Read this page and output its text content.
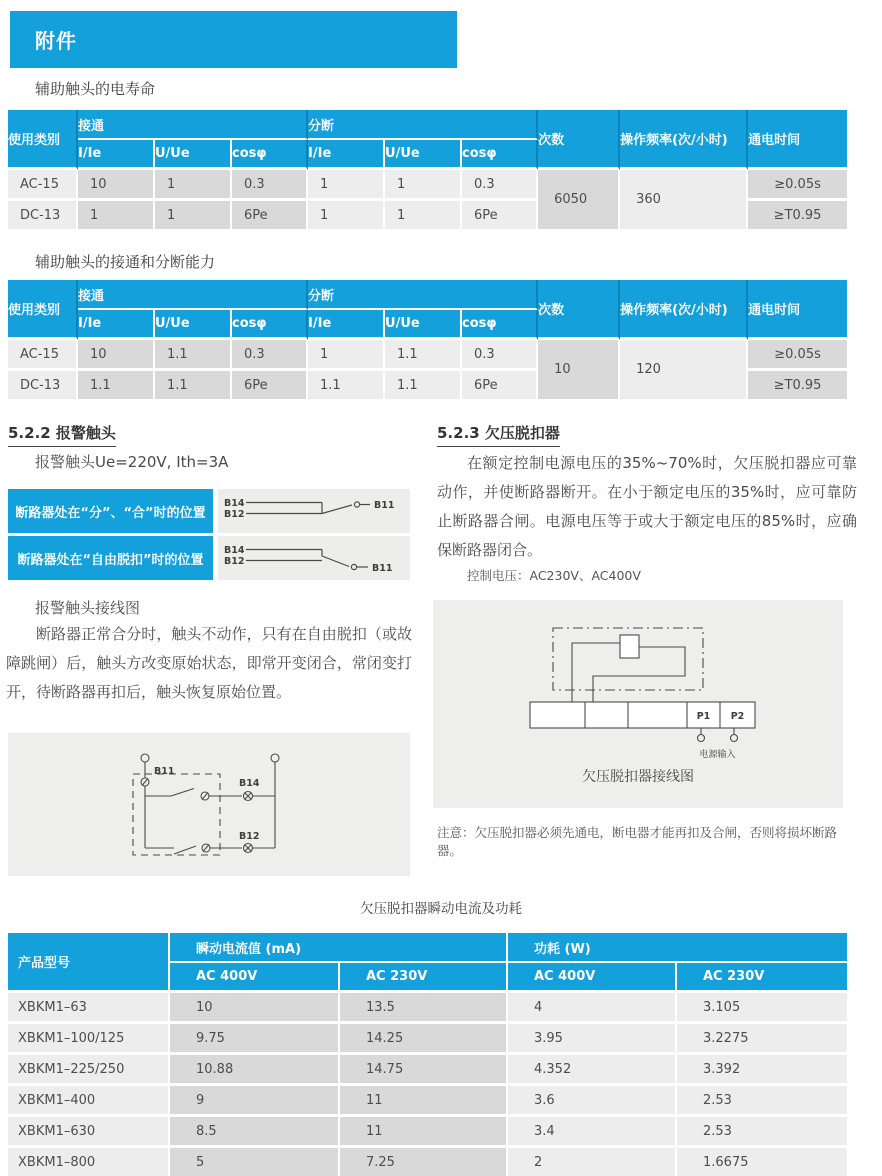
附件
辅助触头的电寿命
使用类别	接通			分断			次数	操作频率(次/小时)	通电时间
	I/Ie	U/Ue	cosφ	I/Ie	U/Ue	cosφ			
AC-15	10	1	0.3	1	1	0.3	6050	360	≥0.05s
DC-13	1	1	6Pe	1	1	6Pe			≥T0.95
辅助触头的接通和分断能力
使用类别	接通			分断			次数	操作频率(次/小时)	通电时间
	I/Ie	U/Ue	cosφ	I/Ie	U/Ue	cosφ			
AC-15	10	1.1	0.3	1	1.1	0.3	10	120	≥0.05s
DC-13	1.1	1.1	6Pe	1.1	1.1	6Pe			≥T0.95
5.2.2 报警触头
报警触头Ue=220V, Ith=3A
断路器处在“分”、“合”时的位置
B14
B12
B11
断路器处在“自由脱扣”时的位置
B14
B12
B11
报警触头接线图
断路器正常合分时，触头不动作，只有在自由脱扣（或故障跳闸）后，触头方改变原始状态，即常开变闭合，常闭变打开，待断路器再扣后，触头恢复原始位置。
B11
B14
B12
5.2.3 欠压脱扣器
在额定控制电源电压的35%~70%时，欠压脱扣器应可靠动作，并使断路器断开。在小于额定电压的35%时，应可靠防止断路器合闸。电源电压等于或大于额定电压的85%时，应确保断路器闭合。
控制电压：AC230V、AC400V
P1 P2
电源输入
欠压脱扣器接线图
注意：欠压脱扣器必须先通电，断电器才能再扣及合闸，否则将损坏断路器。
欠压脱扣器瞬动电流及功耗
产品型号	瞬动电流值 (mA)		功耗 (W)	
	AC 400V	AC 230V	AC 400V	AC 230V
XBKM1–63	10	13.5	4	3.105
XBKM1–100/125	9.75	14.25	3.95	3.2275
XBKM1–225/250	10.88	14.75	4.352	3.392
XBKM1–400	9	11	3.6	2.53
XBKM1–630	8.5	11	3.4	2.53
XBKM1–800	5	7.25	2	1.6675
